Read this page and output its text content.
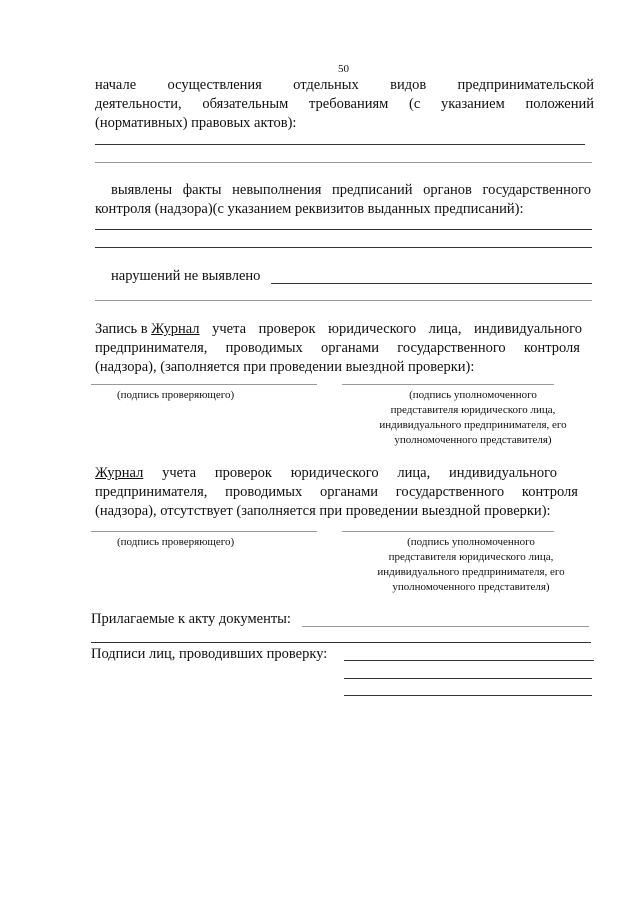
50
начале осуществления отдельных видов предпринимательской
деятельности, обязательным требованиям (с указанием положений
(нормативных) правовых актов):
выявлены факты невыполнения предписаний органов государственного
контроля (надзора)(с указанием реквизитов выданных предписаний):
нарушений не выявлено
Запись в Журнал учета проверок юридического лица, индивидуального
предпринимателя, проводимых органами государственного контроля
(надзора), (заполняется при проведении выездной проверки):
(подпись проверяющего)	(подпись уполномоченного
представителя юридического лица,
индивидуального предпринимателя, его
уполномоченного представителя)
Журнал учета проверок юридического лица, индивидуального
предпринимателя, проводимых органами государственного контроля
(надзора), отсутствует (заполняется при проведении выездной проверки):
(подпись проверяющего)	(подпись уполномоченного
представителя юридического лица,
индивидуального предпринимателя, его
уполномоченного представителя)
Прилагаемые к акту документы:
Подписи лиц, проводивших проверку:
